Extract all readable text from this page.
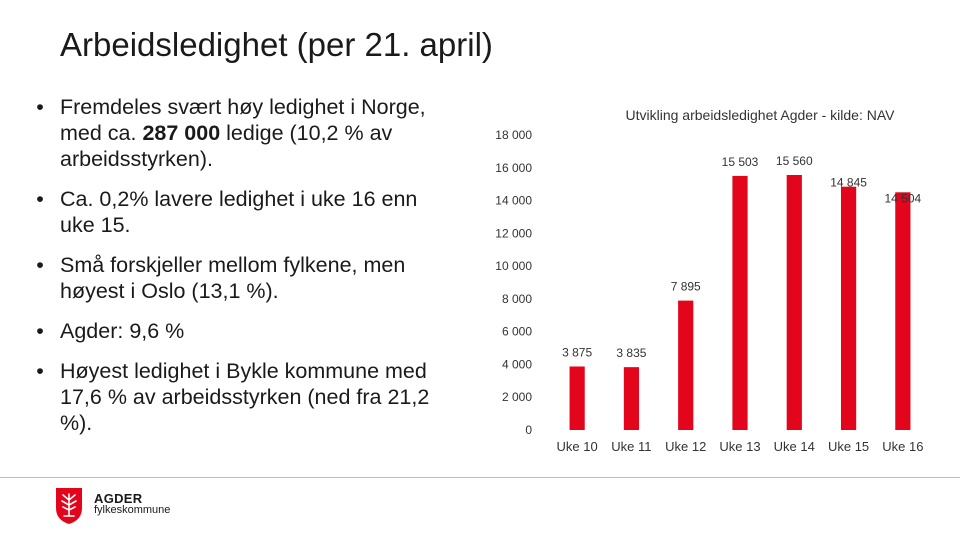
Arbeidsledighet (per 21. april)
• Fremdeles svært høy ledighet i Norge, med ca. 287 000 ledige (10,2 % av arbeidsstyrken).
• Ca. 0,2% lavere ledighet i uke 16 enn uke 15.
• Små forskjeller mellom fylkene, men høyest i Oslo (13,1 %).
• Agder: 9,6 %
• Høyest ledighet i Bykle kommune med 17,6 % av arbeidsstyrken (ned fra 21,2 %).
Utvikling arbeidsledighet Agder - kilde: NAV
0
2 000
4 000
6 000
8 000
10 000
12 000
14 000
16 000
18 000
3 875
Uke 10
3 835
Uke 11
7 895
Uke 12
15 503
Uke 13
15 560
Uke 14
14 845
Uke 15
14 504
Uke 16
AGDER
fylkeskommune
